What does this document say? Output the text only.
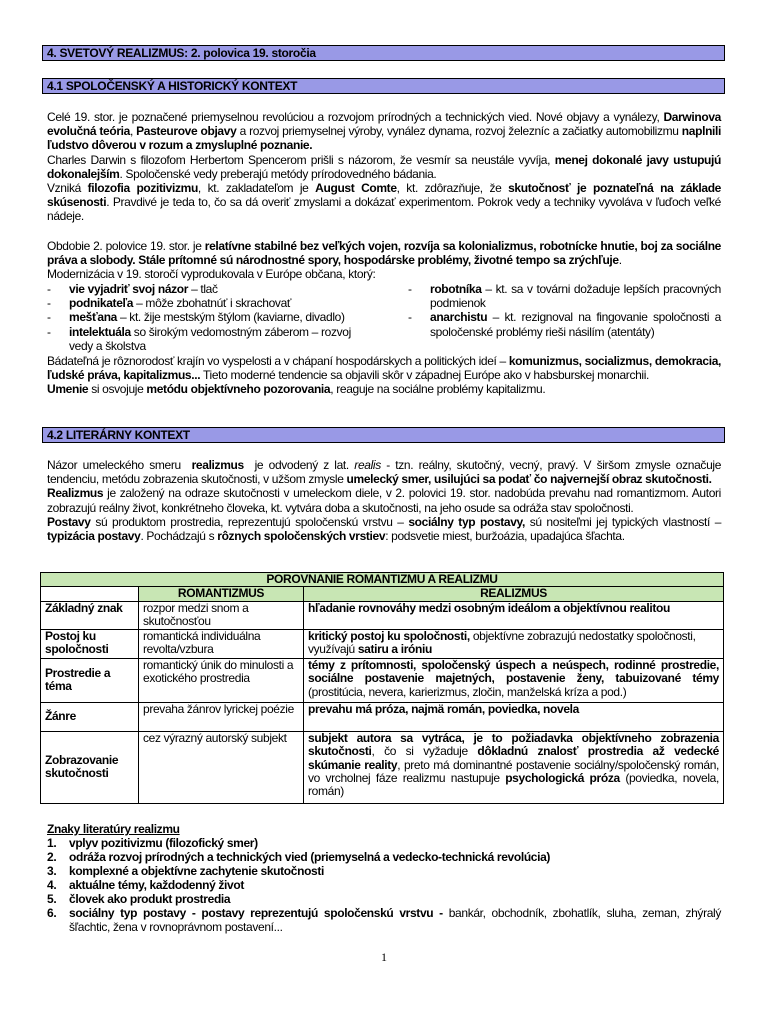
4. SVETOVÝ REALIZMUS: 2. polovica 19. storočia
4.1 SPOLOČENSKÝ A HISTORICKÝ KONTEXT

Celé 19. stor. je poznačené priemyselnou revolúciou a rozvojom prírodných a technických vied. Nové objavy a vynálezy, Darwinova evolučná teória, Pasteurove objavy a rozvoj priemyselnej výroby, vynález dynama, rozvoj železníc a začiatky automobilizmu naplnili ľudstvo dôverou v rozum a zmysluplné poznanie.

Charles Darwin s filozofom Herbertom Spencerom prišli s názorom, že vesmír sa neustále vyvíja, menej dokonalé javy ustupujú dokonalejším. Spoločenské vedy preberajú metódy prírodovedného bádania.

Vzniká filozofia pozitivizmu, kt. zakladateľom je August Comte, kt. zdôrazňuje, že skutočnosť je poznateľná na základe skúsenosti. Pravdivé je teda to, čo sa dá overiť zmyslami a dokázať experimentom. Pokrok vedy a techniky vyvoláva v ľuďoch veľké nádeje.

Obdobie 2. polovice 19. stor. je relatívne stabilné bez veľkých vojen, rozvíja sa kolonializmus, robotnícke hnutie, boj za sociálne práva a slobody. Stále prítomné sú národnostné spory, hospodárske problémy, životné tempo sa zrýchľuje.

Modernizácia v 19. storočí vyprodukovala v Európe občana, ktorý:

-	vie vyjadriť svoj názor – tlač
-	podnikateľa – môže zbohatnúť i skrachovať
-	mešťana – kt. žije mestským štýlom (kaviarne, divadlo)
-	intelektuála so širokým vedomostným záberom – rozvoj vedy a školstva
-	robotníka – kt. sa v továrni dožaduje lepších pracovných podmienok
-	anarchistu – kt. rezignoval na fingovanie spoločnosti a spoločenské problémy rieši násilím (atentáty)

Bádateľná je rôznorodosť krajín vo vyspelosti a v chápaní hospodárskych a politických ideí – komunizmus, socializmus, demokracia, ľudské práva, kapitalizmus... Tieto moderné tendencie sa objavili skôr v západnej Európe ako v habsburskej monarchii.

Umenie si osvojuje metódu objektívneho pozorovania, reaguje na sociálne problémy kapitalizmu.

4.2 LITERÁRNY KONTEXT

Názor umeleckého smeru realizmus je odvodený z lat. realis - tzn. reálny, skutočný, vecný, pravý. V širšom zmysle označuje tendenciu, metódu zobrazenia skutočnosti, v užšom zmysle umelecký smer, usilujúci sa podať čo najvernejší obraz skutočnosti.

Realizmus je založený na odraze skutočnosti v umeleckom diele, v 2. polovici 19. stor. nadobúda prevahu nad romantizmom. Autori zobrazujú reálny život, konkrétneho človeka, kt. vytvára doba a skutočnosti, na jeho osude sa odráža stav spoločnosti.

Postavy sú produktom prostredia, reprezentujú spoločenskú vrstvu – sociálny typ postavy, sú nositeľmi jej typických vlastností – typizácia postavy. Pochádzajú s rôznych spoločenských vrstiev: podsvetie miest, buržoázia, upadajúca šľachta.

POROVNANIE ROMANTIZMU A REALIZMU		
	ROMANTIZMUS	REALIZMUS
Základný znak	rozpor medzi snom a skutočnosťou	hľadanie rovnováhy medzi osobným ideálom a objektívnou realitou
Postoj ku spoločnosti	romantická individuálna revolta/vzbura	kritický postoj ku spoločnosti, objektívne zobrazujú nedostatky spoločnosti, využívajú satiru a iróniu
Prostredie a téma	romantický únik do minulosti a exotického prostredia	témy z prítomnosti, spoločenský úspech a neúspech, rodinné prostredie, sociálne postavenie majetných, postavenie ženy, tabuizované témy (prostitúcia, nevera, karierizmus, zločin, manželská kríza a pod.)
Žánre	prevaha žánrov lyrickej poézie	prevahu má próza, najmä román, poviedka, novela
Zobrazovanie skutočnosti	cez výrazný autorský subjekt	subjekt autora sa vytráca, je to požiadavka objektívneho zobrazenia skutočnosti, čo si vyžaduje dôkladnú znalosť prostredia až vedecké skúmanie reality, preto má dominantné postavenie sociálny/spoločenský román, vo vrcholnej fáze realizmu nastupuje psychologická próza (poviedka, novela, román)
Znaky literatúry realizmu
1.	vplyv pozitivizmu (filozofický smer)
2.	odráža rozvoj prírodných a technických vied (priemyselná a vedecko-technická revolúcia)
3.	komplexné a objektívne zachytenie skutočnosti
4.	aktuálne témy, každodenný život
5.	človek ako produkt prostredia
6.	sociálny typ postavy - postavy reprezentujú spoločenskú vrstvu - bankár, obchodník, zbohatlík, sluha, zeman, zhýralý šľachtic, žena v rovnoprávnom postavení...
1
